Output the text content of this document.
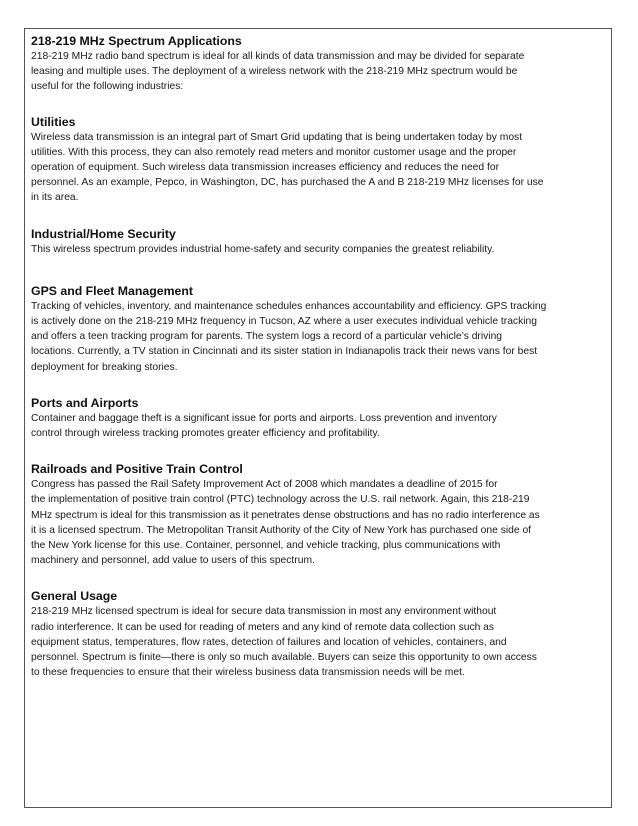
218-219 MHz Spectrum Applications

218-219 MHz radio band spectrum is ideal for all kinds of data transmission and may be divided for separate
leasing and multiple uses. The deployment of a wireless network with the 218-219 MHz spectrum would be
useful for the following industries:

Utilities

Wireless data transmission is an integral part of Smart Grid updating that is being undertaken today by most
utilities. With this process, they can also remotely read meters and monitor customer usage and the proper
operation of equipment. Such wireless data transmission increases efficiency and reduces the need for
personnel. As an example, Pepco, in Washington, DC, has purchased the A and B 218-219 MHz licenses for use
in its area.

Industrial/Home Security

This wireless spectrum provides industrial home-safety and security companies the greatest reliability.

GPS and Fleet Management

Tracking of vehicles, inventory, and maintenance schedules enhances accountability and efficiency. GPS tracking
is actively done on the 218-219 MHz frequency in Tucson, AZ where a user executes individual vehicle tracking
and offers a teen tracking program for parents. The system logs a record of a particular vehicle’s driving
locations. Currently, a TV station in Cincinnati and its sister station in Indianapolis track their news vans for best
deployment for breaking stories.

Ports and Airports

Container and baggage theft is a significant issue for ports and airports. Loss prevention and inventory
control through wireless tracking promotes greater efficiency and profitability.

Railroads and Positive Train Control

Congress has passed the Rail Safety Improvement Act of 2008 which mandates a deadline of 2015 for
the implementation of positive train control (PTC) technology across the U.S. rail network. Again, this 218-219
MHz spectrum is ideal for this transmission as it penetrates dense obstructions and has no radio interference as
it is a licensed spectrum. The Metropolitan Transit Authority of the City of New York has purchased one side of
the New York license for this use. Container, personnel, and vehicle tracking, plus communications with
machinery and personnel, add value to users of this spectrum.

General Usage

218-219 MHz licensed spectrum is ideal for secure data transmission in most any environment without
radio interference. It can be used for reading of meters and any kind of remote data collection such as
equipment status, temperatures, flow rates, detection of failures and location of vehicles, containers, and
personnel. Spectrum is finite—there is only so much available. Buyers can seize this opportunity to own access
to these frequencies to ensure that their wireless business data transmission needs will be met.
